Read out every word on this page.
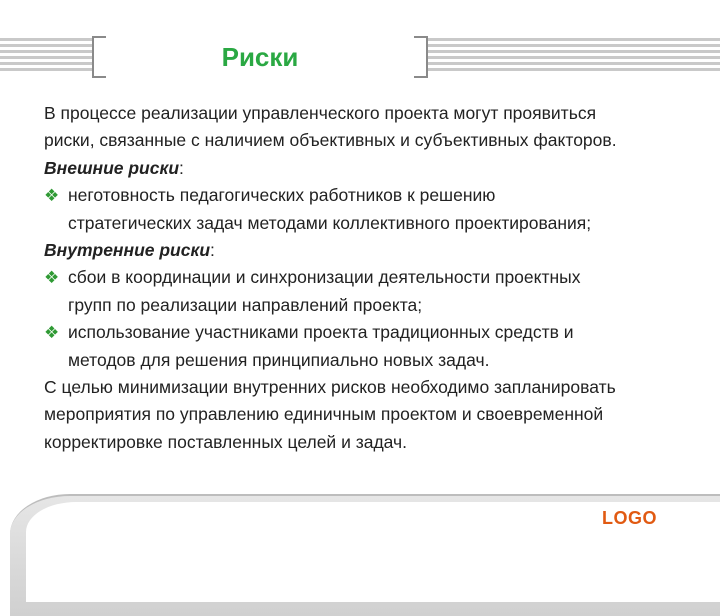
Риски
В процессе реализации управленческого проекта могут проявиться
риски, связанные с наличием объективных и субъективных факторов.
Внешние риски:
❖ неготовность педагогических работников к решению
стратегических задач методами коллективного проектирования;
Внутренние риски:
❖ сбои в координации и синхронизации деятельности проектных
групп по реализации направлений проекта;
❖ использование участниками проекта традиционных средств и
методов для решения принципиально новых задач.
С целью минимизации внутренних рисков необходимо запланировать
мероприятия по управлению единичным проектом и своевременной
корректировке поставленных целей и задач.
LOGO
